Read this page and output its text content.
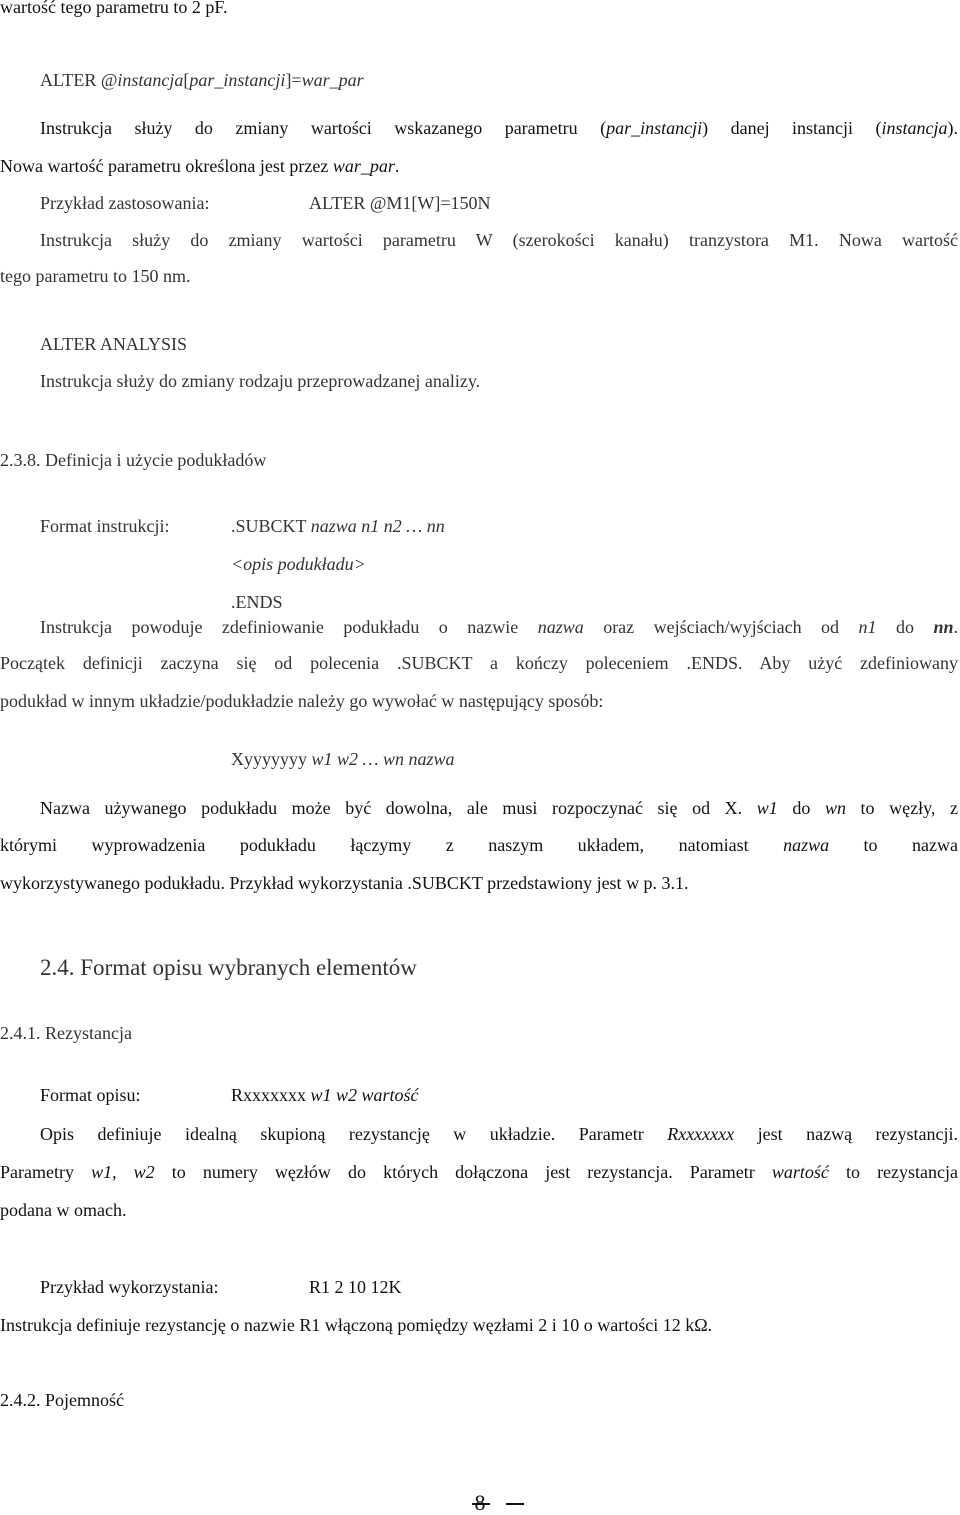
wartość tego parametru to 2 pF.
ALTER @instancja[par_instancji]=war_par
Instrukcja służy do zmiany wartości wskazanego parametru (par_instancji) danej instancji (instancja).
Nowa wartość parametru określona jest przez war_par.
Przykład zastosowania:	ALTER @M1[W]=150N
Instrukcja służy do zmiany wartości parametru W (szerokości kanału) tranzystora M1. Nowa wartość
tego parametru to 150 nm.
ALTER ANALYSIS
Instrukcja służy do zmiany rodzaju przeprowadzanej analizy.
2.3.8. Definicja i użycie podukładów
Format instrukcji:	.SUBCKT nazwa n1 n2 … nn
<opis podukładu>
.ENDS
Instrukcja powoduje zdefiniowanie podukładu o nazwie nazwa oraz wejściach/wyjściach od n1 do nn.
Początek definicji zaczyna się od polecenia .SUBCKT a kończy poleceniem .ENDS. Aby użyć zdefiniowany
podukład w innym układzie/podukładzie należy go wywołać w następujący sposób:
Xyyyyyyy w1 w2 … wn nazwa
Nazwa używanego podukładu może być dowolna, ale musi rozpoczynać się od X. w1 do wn to węzły, z
którymi wyprowadzenia podukładu łączymy z naszym układem, natomiast nazwa to nazwa
wykorzystywanego podukładu. Przykład wykorzystania .SUBCKT przedstawiony jest w p. 3.1.
2.4. Format opisu wybranych elementów
2.4.1. Rezystancja
Format opisu:	Rxxxxxxx w1 w2 wartość
Opis definiuje idealną skupioną rezystancję w układzie. Parametr Rxxxxxxx jest nazwą rezystancji.
Parametry w1, w2 to numery węzłów do których dołączona jest rezystancja. Parametr wartość to rezystancja
podana w omach.
Przykład wykorzystania:	R1 2 10 12K
Instrukcja definiuje rezystancję o nazwie R1 włączoną pomiędzy węzłami 2 i 10 o wartości 12 kΩ.
2.4.2. Pojemność
8
